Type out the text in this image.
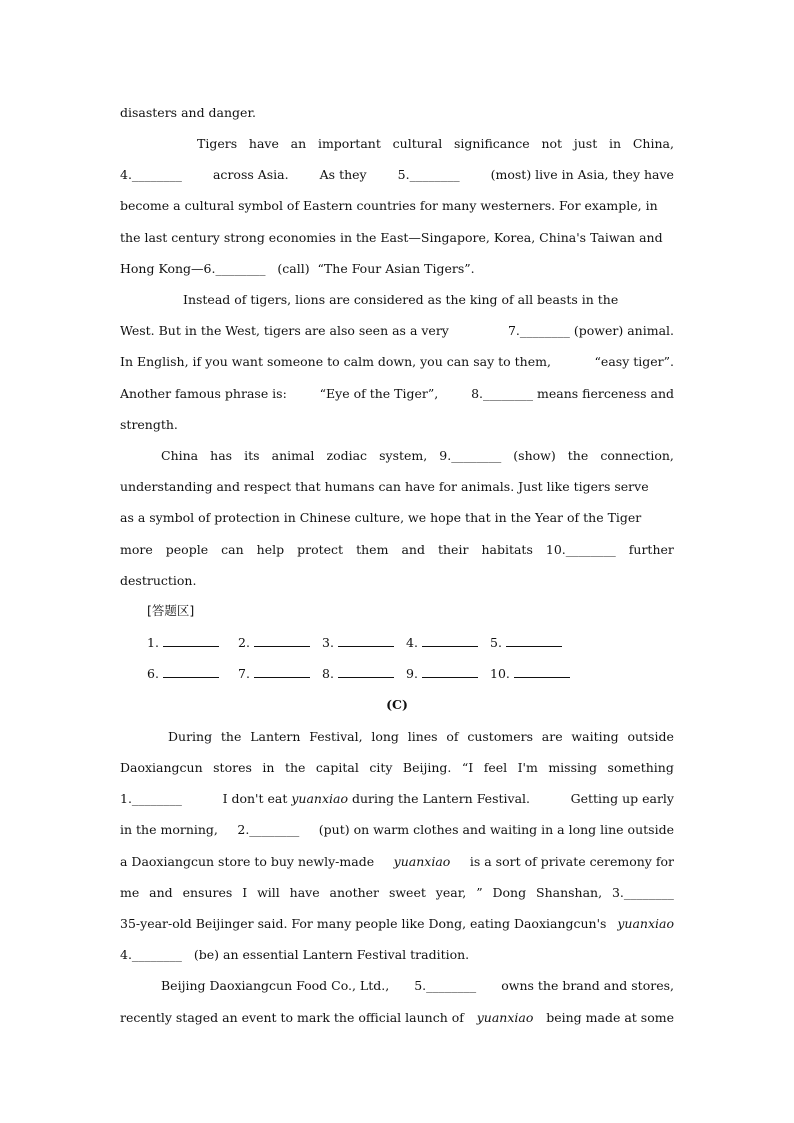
disasters and danger.
Tigers have an important cultural significance not just in China,
4.________ across Asia. As they 5.________ (most) live in Asia, they have
become a cultural symbol of Eastern countries for many westerners. For example, in
the last century strong economies in the East—Singapore, Korea, China's Taiwan and
Hong Kong—6.________ (call) “The Four Asian Tigers”.
Instead of tigers, lions are considered as the king of all beasts in the
West. But in the West, tigers are also seen as a very	7.________ (power) animal.
In English, if you want someone to calm down, you can say to them,	“easy tiger”.
Another famous phrase is:	“Eye of the Tiger”,	8.________ means fierceness and
strength.
China has its animal zodiac system, 9.________ (show) the connection,
understanding and respect that humans can have for animals. Just like tigers serve
as a symbol of protection in Chinese culture, we hope that in the Year of the Tiger
more people can help protect them and their habitats 10.________ further
destruction.
[答题区]
1.	2.	3.	4.	5.
6.	7.	8.	9.	10.
(C)
During the Lantern Festival, long lines of customers are waiting outside
Daoxiangcun stores in the capital city Beijing. “I feel I'm missing something
1.________	I don't eat yuanxiao during the Lantern Festival.	Getting up early
in the morning, 2.________ (put) on warm clothes and waiting in a long line outside
a Daoxiangcun store to buy newly-made yuanxiao is a sort of private ceremony for
me and ensures I will have another sweet year, ” Dong Shanshan, 3.________
35-year-old Beijinger said. For many people like Dong, eating Daoxiangcun's yuanxiao
4.________ (be) an essential Lantern Festival tradition.
Beijing Daoxiangcun Food Co., Ltd., 5.________ owns the brand and stores,
recently staged an event to mark the official launch of yuanxiao being made at some
